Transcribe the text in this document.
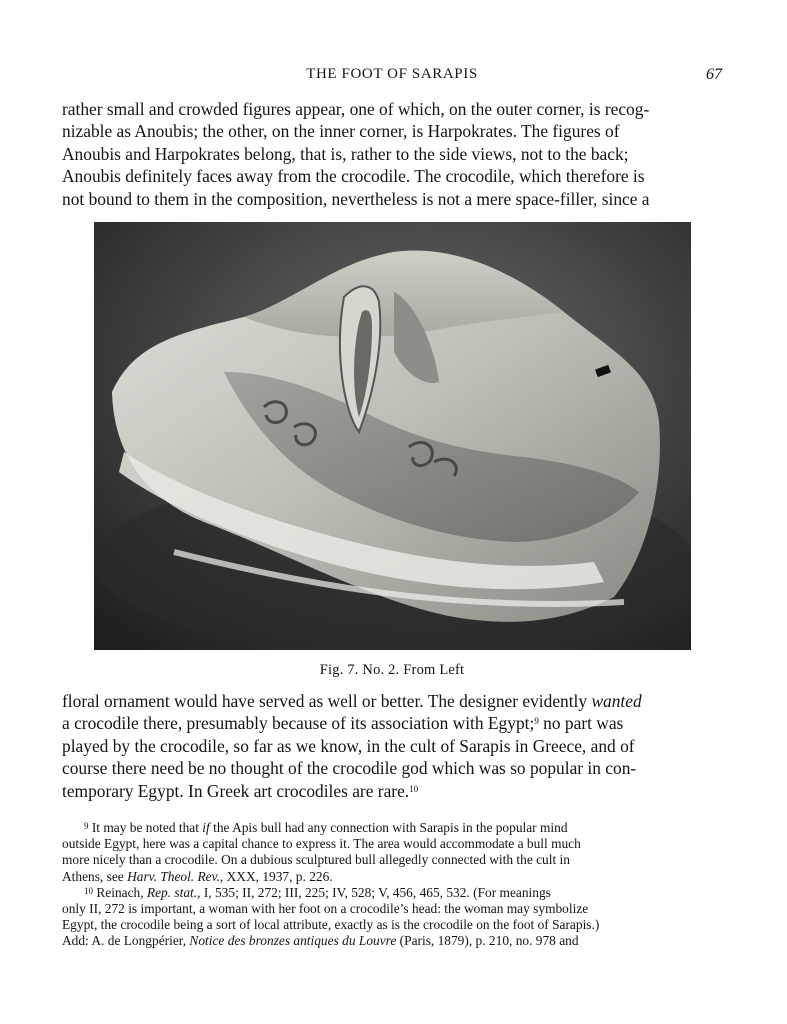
THE FOOT OF SARAPIS	67
rather small and crowded figures appear, one of which, on the outer corner, is recog-
nizable as Anoubis; the other, on the inner corner, is Harpokrates. The figures of
Anoubis and Harpokrates belong, that is, rather to the side views, not to the back;
Anoubis definitely faces away from the crocodile. The crocodile, which therefore is
not bound to them in the composition, nevertheless is not a mere space-filler, since a
Fig. 7. No. 2. From Left
floral ornament would have served as well or better. The designer evidently wanted
a crocodile there, presumably because of its association with Egypt;$^9$ no part was
played by the crocodile, so far as we know, in the cult of Sarapis in Greece, and of
course there need be no thought of the crocodile god which was so popular in con-
temporary Egypt. In Greek art crocodiles are rare.$^{10}$
$^9$ It may be noted that if the Apis bull had any connection with Sarapis in the popular mind
outside Egypt, here was a capital chance to express it. The area would accommodate a bull much
more nicely than a crocodile. On a dubious sculptured bull allegedly connected with the cult in
Athens, see Harv. Theol. Rev., XXX, 1937, p. 226.
$^{10}$ Reinach, Rep. stat., I, 535; II, 272; III, 225; IV, 528; V, 456, 465, 532. (For meanings
only II, 272 is important, a woman with her foot on a crocodile’s head: the woman may symbolize
Egypt, the crocodile being a sort of local attribute, exactly as is the crocodile on the foot of Sarapis.)
Add: A. de Longpérier, Notice des bronzes antiques du Louvre (Paris, 1879), p. 210, no. 978 and
